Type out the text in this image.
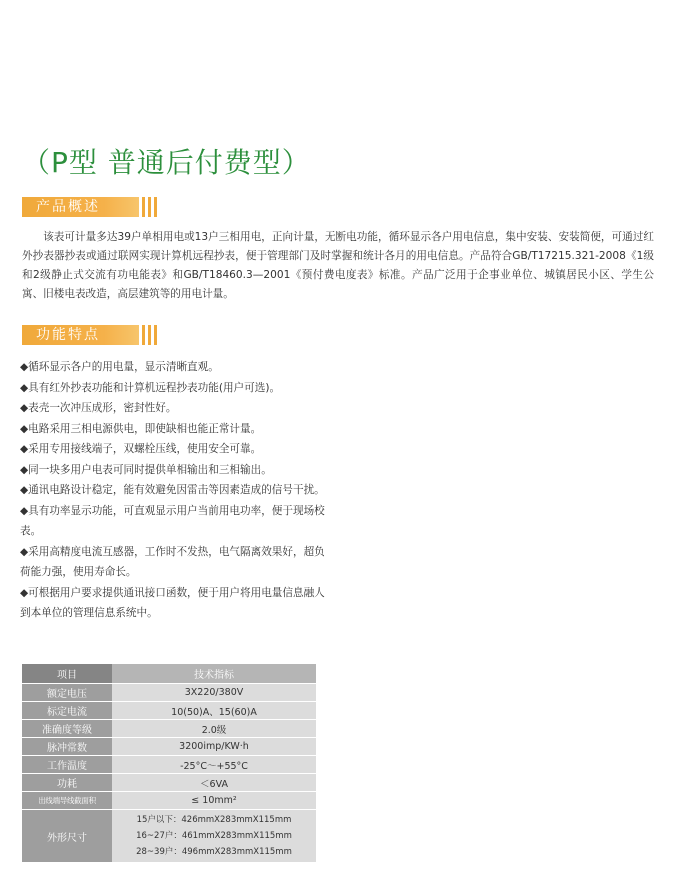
（P型 普通后付费型）
产品概述
该表可计量多达39户单相用电或13户三相用电，正向计量，无断电功能，循环显示各户用电信息，集中安装、安装简便，可通过红外抄表器抄表或通过联网实现计算机远程抄表，便于管理部门及时掌握和统计各月的用电信息。产品符合GB/T17215.321-2008《1级和2级静止式交流有功电能表》和GB/T18460.3—2001《预付费电度表》标准。产品广泛用于企事业单位、城镇居民小区、学生公寓、旧楼电表改造，高层建筑等的用电计量。
功能特点
◆循环显示各户的用电量，显示清晰直观。
◆具有红外抄表功能和计算机远程抄表功能(用户可选)。
◆表壳一次冲压成形，密封性好。
◆电路采用三相电源供电，即使缺相也能正常计量。
◆采用专用接线端子，双螺栓压线，使用安全可靠。
◆同一块多用户电表可同时提供单相输出和三相输出。
◆通讯电路设计稳定，能有效避免因雷击等因素造成的信号干扰。
◆具有功率显示功能，可直观显示用户当前用电功率，便于现场校表。
◆采用高精度电流互感器，工作时不发热，电气隔离效果好，超负荷能力强，使用寿命长。
◆可根据用户要求提供通讯接口函数，便于用户将用电量信息融人到本单位的管理信息系统中。
项目	技术指标
额定电压	3X220/380V
标定电流	10(50)A、15(60)A
准确度等级	2.0级
脉冲常数	3200imp/KW·h
工作温度	-25°C～+55°C
功耗	＜6VA
出线端导线截面积	≤ 10mm²
外形尺寸	15户以下：426mmX283mmX115mm
16~27户：461mmX283mmX115mm
28~39户：496mmX283mmX115mm
